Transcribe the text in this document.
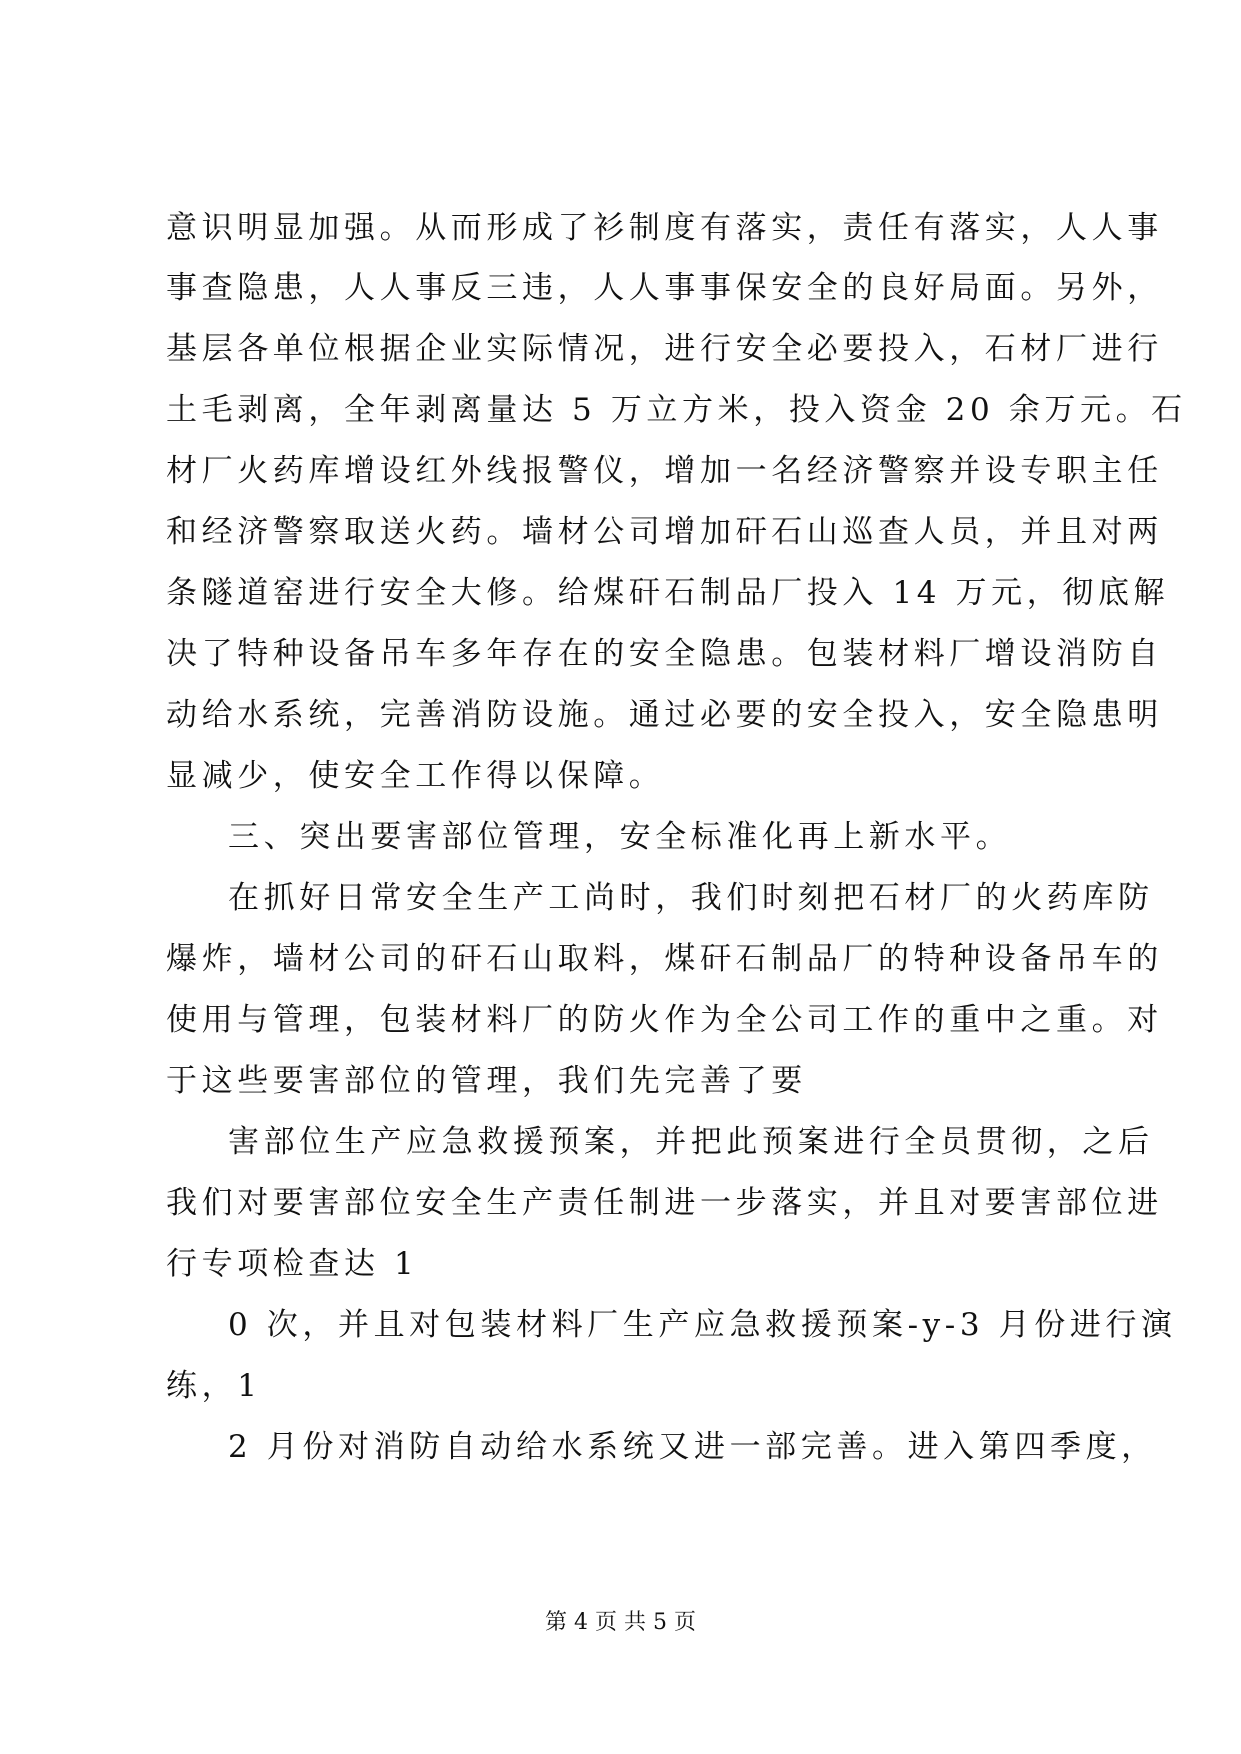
意识明显加强。从而形成了衫制度有落实，责任有落实，人人事
事查隐患，人人事反三违，人人事事保安全的良好局面。另外，
基层各单位根据企业实际情况，进行安全必要投入，石材厂进行
土毛剥离，全年剥离量达 5 万立方米，投入资金 20 余万元。石
材厂火药库增设红外线报警仪，增加一名经济警察并设专职主任
和经济警察取送火药。墙材公司增加矸石山巡查人员，并且对两
条隧道窑进行安全大修。给煤矸石制品厂投入 14 万元，彻底解
决了特种设备吊车多年存在的安全隐患。包装材料厂增设消防自
动给水系统，完善消防设施。通过必要的安全投入，安全隐患明
显减少，使安全工作得以保障。
三、突出要害部位管理，安全标准化再上新水平。
在抓好日常安全生产工尚时，我们时刻把石材厂的火药库防
爆炸，墙材公司的矸石山取料，煤矸石制品厂的特种设备吊车的
使用与管理，包装材料厂的防火作为全公司工作的重中之重。对
于这些要害部位的管理，我们先完善了要
害部位生产应急救援预案，并把此预案进行全员贯彻，之后
我们对要害部位安全生产责任制进一步落实，并且对要害部位进
行专项检查达 1
0 次，并且对包装材料厂生产应急救援预案-y-3 月份进行演
练，1
2 月份对消防自动给水系统又进一部完善。进入第四季度，
第 4 页 共 5 页
